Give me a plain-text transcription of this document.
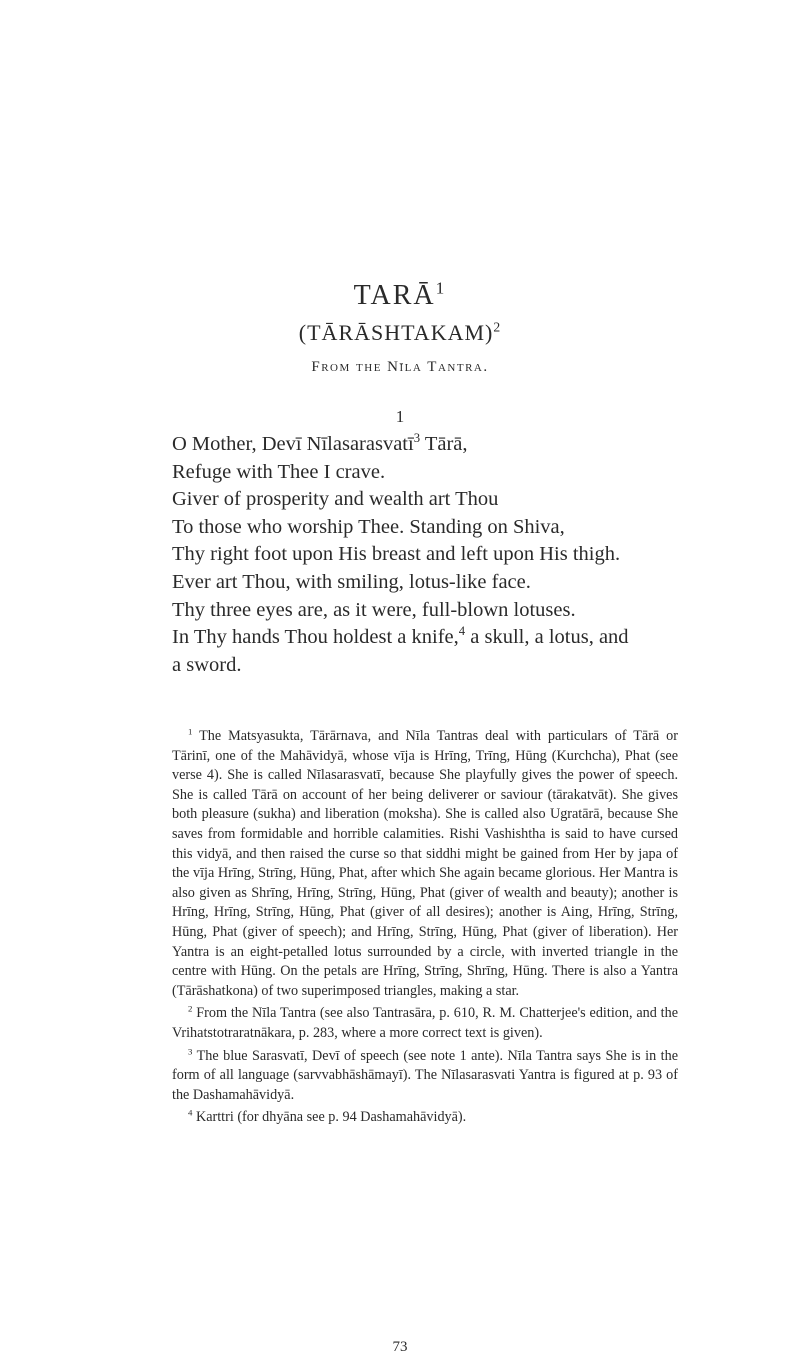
TARĀ$^1$
(TĀRĀSHTAKAM)$^2$
From the Nīla Tantra.
1
O Mother, Devī Nīlasarasvatī$^3$ Tārā,
Refuge with Thee I crave.
Giver of prosperity and wealth art Thou
To those who worship Thee. Standing on Shiva,
Thy right foot upon His breast and left upon His thigh.
Ever art Thou, with smiling, lotus-like face.
Thy three eyes are, as it were, full-blown lotuses.
In Thy hands Thou holdest a knife,$^4$ a skull, a lotus, and
a sword.

$^1$ The Matsyasukta, Tārārnava, and Nīla Tantras deal with particulars of Tārā or Tārinī, one of the Mahāvidyā, whose vīja is Hrīng, Trīng, Hūng (Kurchcha), Phat (see verse 4). She is called Nīlasarasvatī, because She playfully gives the power of speech. She is called Tārā on account of her being deliverer or saviour (tārakatvāt). She gives both pleasure (sukha) and liberation (moksha). She is called also Ugratārā, because She saves from formidable and horrible calamities. Rishi Vashishtha is said to have cursed this vidyā, and then raised the curse so that siddhi might be gained from Her by japa of the vīja Hrīng, Strīng, Hūng, Phat, after which She again became glorious. Her Mantra is also given as Shrīng, Hrīng, Strīng, Hūng, Phat (giver of wealth and beauty); another is Hrīng, Hrīng, Strīng, Hūng, Phat (giver of all desires); another is Aing, Hrīng, Strīng, Hūng, Phat (giver of speech); and Hrīng, Strīng, Hūng, Phat (giver of liberation). Her Yantra is an eight-petalled lotus surrounded by a circle, with inverted triangle in the centre with Hūng. On the petals are Hrīng, Strīng, Shrīng, Hūng. There is also a Yantra (Tārāshatkona) of two superimposed triangles, making a star.

$^2$ From the Nīla Tantra (see also Tantrasāra, p. 610, R. M. Chatterjee's edition, and the Vrihatstotraratnākara, p. 283, where a more correct text is given).

$^3$ The blue Sarasvatī, Devī of speech (see note 1 ante). Nīla Tantra says She is in the form of all language (sarvvabhāshāmayī). The Nīlasarasvati Yantra is figured at p. 93 of the Dashamahāvidyā.

$^4$ Karttri (for dhyāna see p. 94 Dashamahāvidyā).

73
